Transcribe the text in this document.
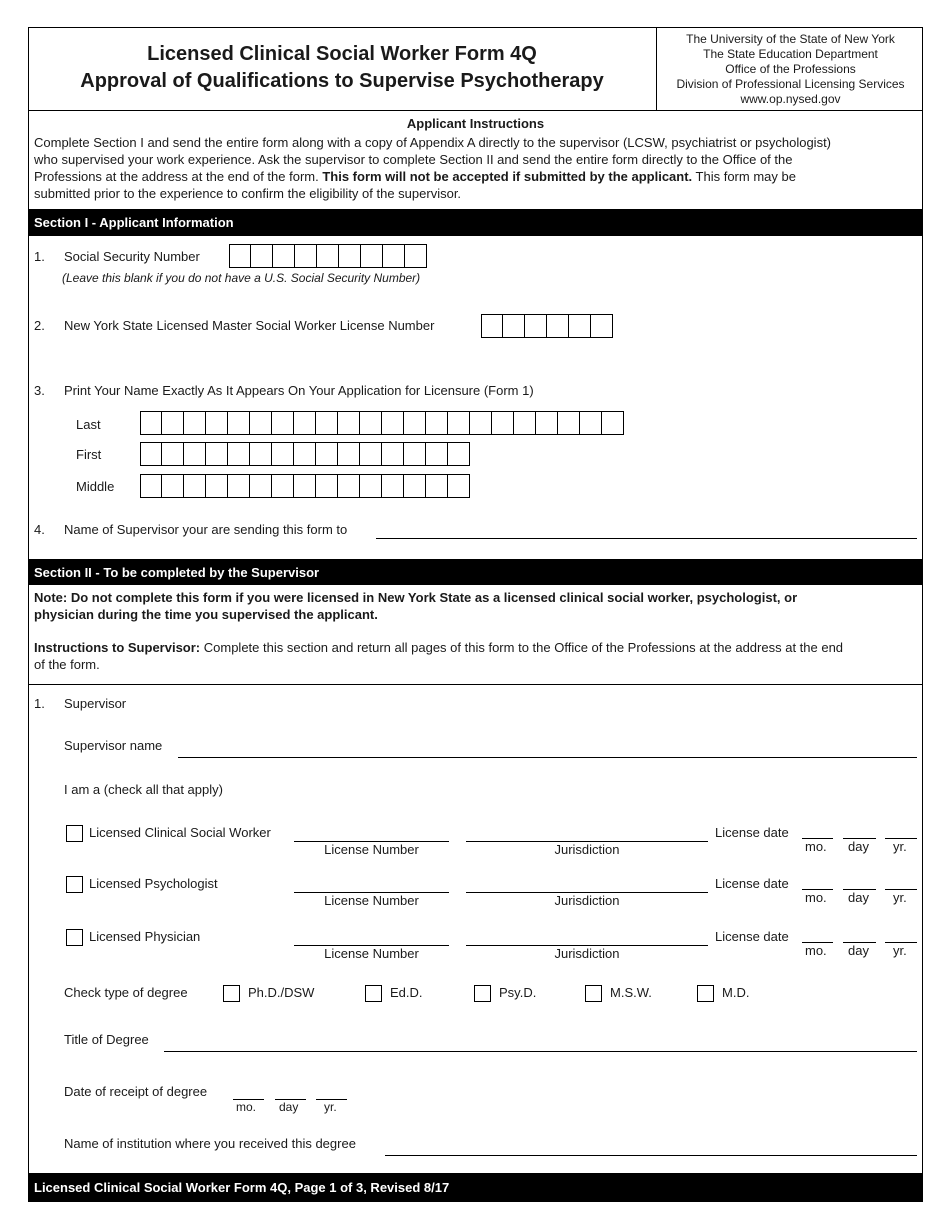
Licensed Clinical Social Worker Form 4Q
Approval of Qualifications to Supervise Psychotherapy
The University of the State of New York
The State Education Department
Office of the Professions
Division of Professional Licensing Services
www.op.nysed.gov
Applicant Instructions
Complete Section I and send the entire form along with a copy of Appendix A directly to the supervisor (LCSW, psychiatrist or psychologist)
who supervised your work experience. Ask the supervisor to complete Section II and send the entire form directly to the Office of the
Professions at the address at the end of the form. This form will not be accepted if submitted by the applicant. This form may be
submitted prior to the experience to confirm the eligibility of the supervisor.
Section I - Applicant Information
1. Social Security Number
(Leave this blank if you do not have a U.S. Social Security Number)
2. New York State Licensed Master Social Worker License Number
3. Print Your Name Exactly As It Appears On Your Application for Licensure (Form 1)
Last
First
Middle
4. Name of Supervisor your are sending this form to
Section II - To be completed by the Supervisor
Note: Do not complete this form if you were licensed in New York State as a licensed clinical social worker, psychologist, or
physician during the time you supervised the applicant.
Instructions to Supervisor: Complete this section and return all pages of this form to the Office of the Professions at the address at the end
of the form.
1. Supervisor
Supervisor name
I am a (check all that apply)
Licensed Clinical Social Worker
License Number	Jurisdiction
License date
mo. day yr.
Licensed Psychologist
License Number	Jurisdiction
License date
mo. day yr.
Licensed Physician
License Number	Jurisdiction
License date
mo. day yr.
Check type of degree	Ph.D./DSW	Ed.D.	Psy.D.	M.S.W.	M.D.
Title of Degree
Date of receipt of degree
mo. day yr.
Name of institution where you received this degree
Licensed Clinical Social Worker Form 4Q, Page 1 of 3, Revised 8/17
